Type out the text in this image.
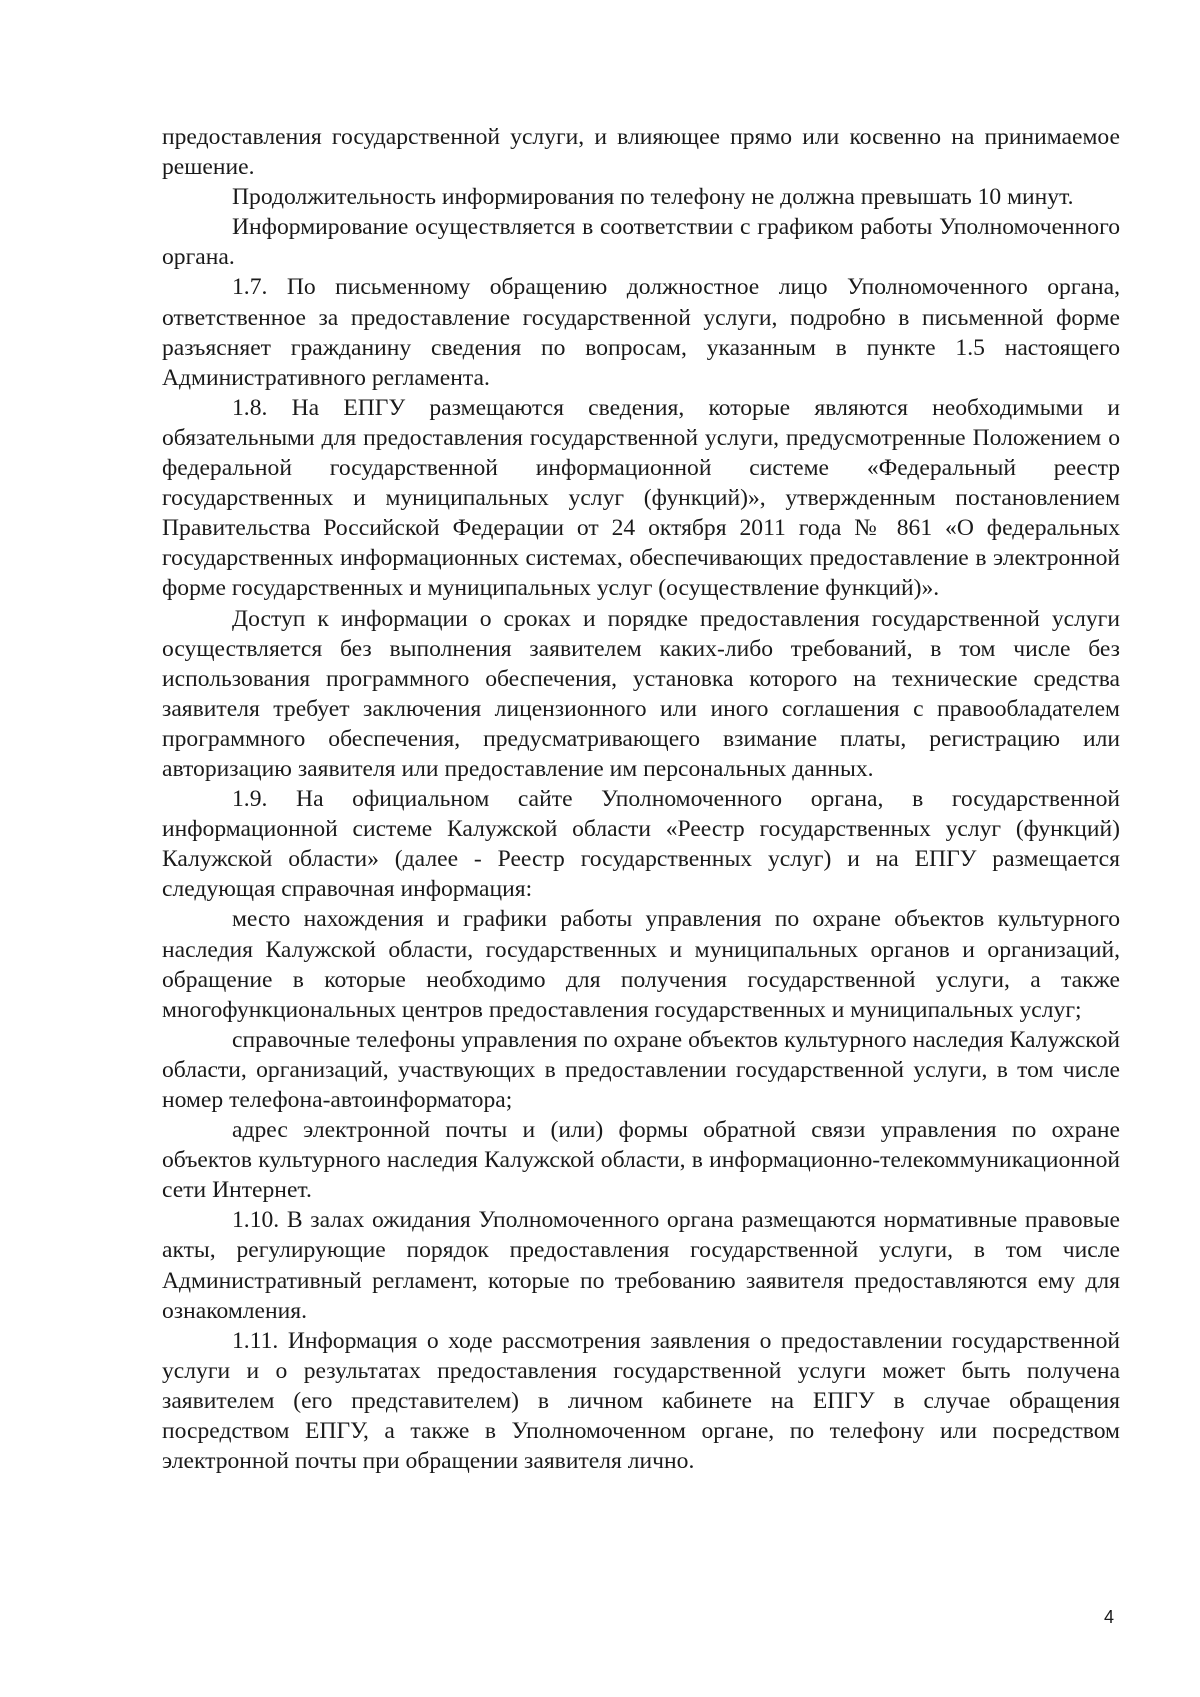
предоставления государственной услуги, и влияющее прямо или косвенно на принимаемое решение.

Продолжительность информирования по телефону не должна превышать 10 минут.

Информирование осуществляется в соответствии с графиком работы Уполномоченного органа.

1.7. По письменному обращению должностное лицо Уполномоченного органа, ответственное за предоставление государственной услуги, подробно в письменной форме разъясняет гражданину сведения по вопросам, указанным в пункте 1.5 настоящего Административного регламента.

1.8. На ЕПГУ размещаются сведения, которые являются необходимыми и обязательными для предоставления государственной услуги, предусмотренные Положением о федеральной государственной информационной системе «Федеральный реестр государственных и муниципальных услуг (функций)», утвержденным постановлением Правительства Российской Федерации от 24 октября 2011 года № 861 «О федеральных государственных информационных системах, обеспечивающих предоставление в электронной форме государственных и муниципальных услуг (осуществление функций)».

Доступ к информации о сроках и порядке предоставления государственной услуги осуществляется без выполнения заявителем каких-либо требований, в том числе без использования программного обеспечения, установка которого на технические средства заявителя требует заключения лицензионного или иного соглашения с правообладателем программного обеспечения, предусматривающего взимание платы, регистрацию или авторизацию заявителя или предоставление им персональных данных.

1.9. На официальном сайте Уполномоченного органа, в государственной информационной системе Калужской области «Реестр государственных услуг (функций) Калужской области» (далее - Реестр государственных услуг) и на ЕПГУ размещается следующая справочная информация:

место нахождения и графики работы управления по охране объектов культурного наследия Калужской области, государственных и муниципальных органов и организаций, обращение в которые необходимо для получения государственной услуги, а также многофункциональных центров предоставления государственных и муниципальных услуг;

справочные телефоны управления по охране объектов культурного наследия Калужской области, организаций, участвующих в предоставлении государственной услуги, в том числе номер телефона-автоинформатора;

адрес электронной почты и (или) формы обратной связи управления по охране объектов культурного наследия Калужской области, в информационно-телекоммуникационной сети Интернет.

1.10. В залах ожидания Уполномоченного органа размещаются нормативные правовые акты, регулирующие порядок предоставления государственной услуги, в том числе Административный регламент, которые по требованию заявителя предоставляются ему для ознакомления.

1.11. Информация о ходе рассмотрения заявления о предоставлении государственной услуги и о результатах предоставления государственной услуги может быть получена заявителем (его представителем) в личном кабинете на ЕПГУ в случае обращения посредством ЕПГУ, а также в Уполномоченном органе, по телефону или посредством электронной почты при обращении заявителя лично.

4
